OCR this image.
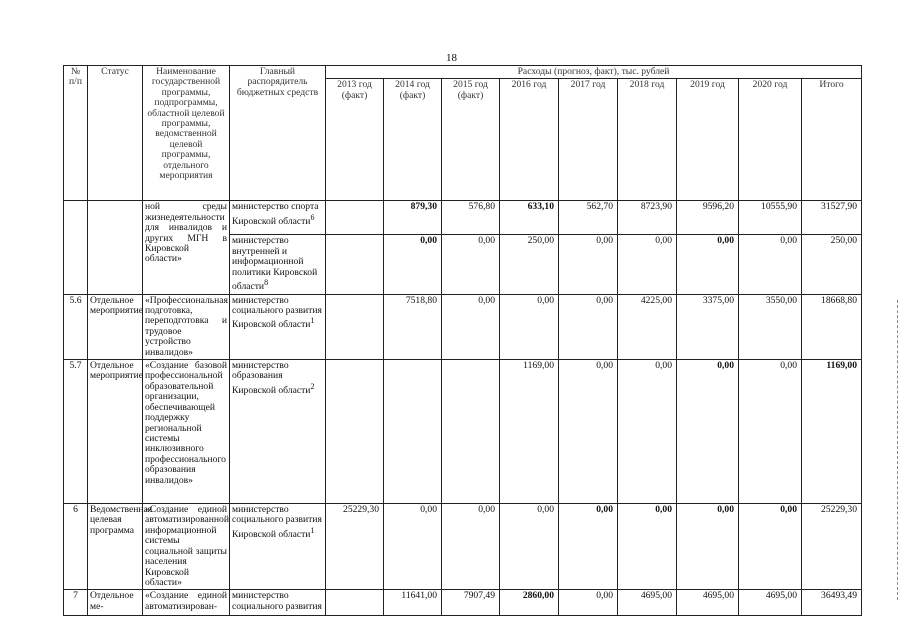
18
№ п/п	Статус	Наименование государственной программы, подпрограммы, областной целевой программы, ведомственной целевой программы, отдельного мероприятия	Главный распорядитель бюджетных средств	Расходы (прогноз, факт), тыс. рублей								
				2013 год (факт)	2014 год (факт)	2015 год (факт)	2016 год	2017 год	2018 год	2019 год	2020 год	Итого
		ной среды жизнедеятельности для инвалидов и других МГН в Кировской области»	министерство спорта Кировской области$^6$		879,30	576,80	633,10	562,70	8723,90	9596,20	10555,90	31527,90
			министерство внутренней и информационной политики Кировской области$^8$		0,00	0,00	250,00	0,00	0,00	0,00	0,00	250,00
5.6	Отдельное мероприятие	«Профессиональная подготовка, переподготовка и трудовое устройство инвалидов»	министерство социального развития Кировской области$^1$		7518,80	0,00	0,00	0,00	4225,00	3375,00	3550,00	18668,80
5.7	Отдельное мероприятие	«Создание базовой профессиональной образовательной организации, обеспечивающей поддержку региональной системы инклюзивного профессионального образования инвалидов»	министерство образования Кировской области$^2$				1169,00	0,00	0,00	0,00	0,00	1169,00
6	Ведомственная целевая программа	«Создание единой автоматизированной информационной системы социальной защиты населения Кировской области»	министерство социального развития Кировской области$^1$	25229,30	0,00	0,00	0,00	0,00	0,00	0,00	0,00	25229,30
7	Отдельное ме-	«Создание единой автоматизирован-	министерство социального развития		11641,00	7907,49	2860,00	0,00	4695,00	4695,00	4695,00	36493,49
